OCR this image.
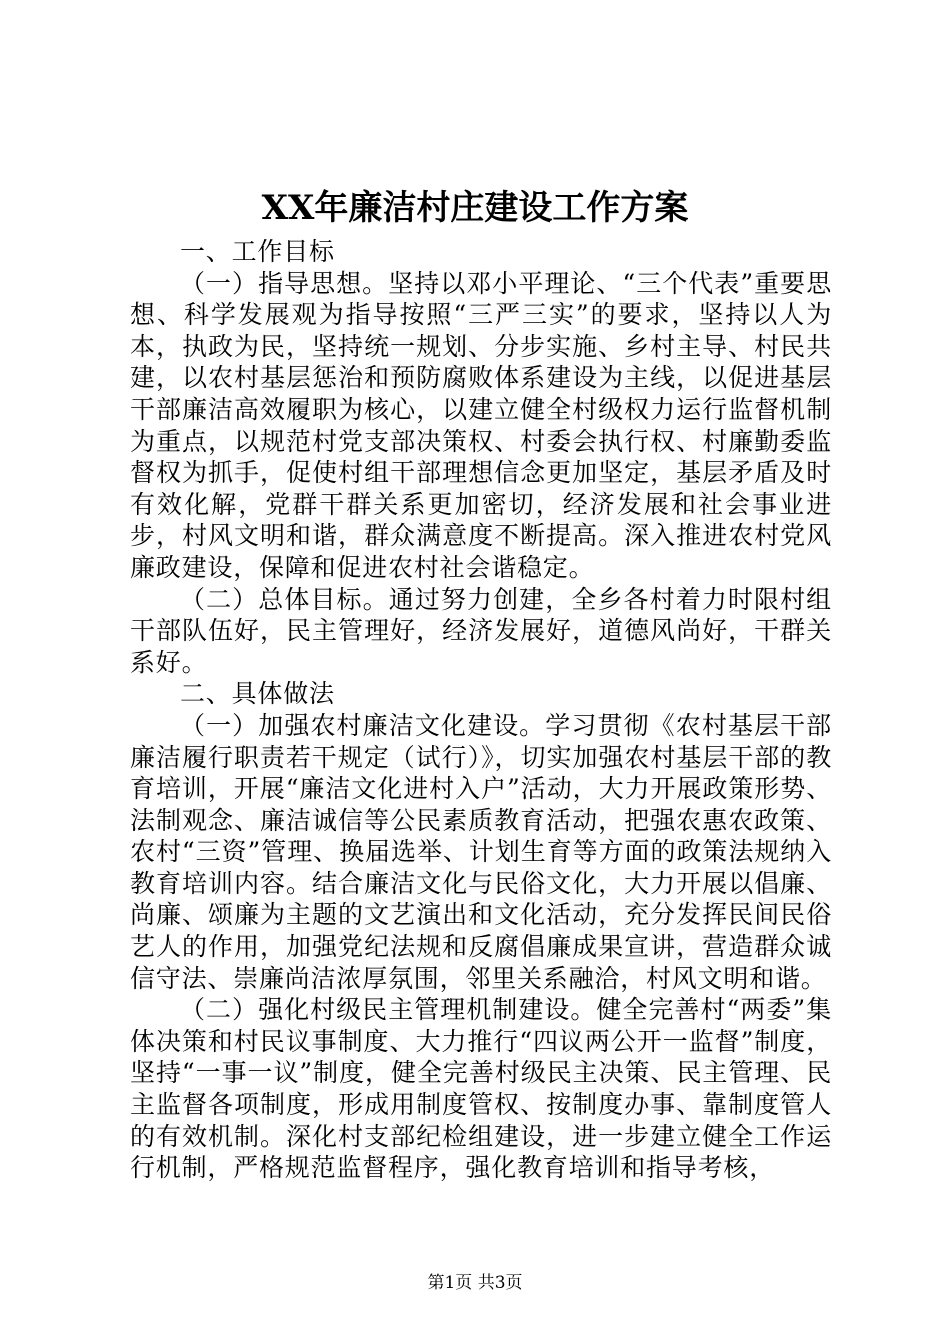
XX年廉洁村庄建设工作方案

一、工作目标

（一）指导思想。坚持以邓小平理论、“三个代表”重要思想、科学发展观为指导按照“三严三实”的要求，坚持以人为本，执政为民，坚持统一规划、分步实施、乡村主导、村民共建，以农村基层惩治和预防腐败体系建设为主线，以促进基层干部廉洁高效履职为核心，以建立健全村级权力运行监督机制为重点，以规范村党支部决策权、村委会执行权、村廉勤委监督权为抓手，促使村组干部理想信念更加坚定，基层矛盾及时有效化解，党群干群关系更加密切，经济发展和社会事业进步，村风文明和谐，群众满意度不断提高。深入推进农村党风廉政建设，保障和促进农村社会谐稳定。

（二）总体目标。通过努力创建，全乡各村着力时限村组干部队伍好，民主管理好，经济发展好，道德风尚好，干群关系好。

二、具体做法

（一）加强农村廉洁文化建设。学习贯彻《农村基层干部廉洁履行职责若干规定（试行）》，切实加强农村基层干部的教育培训，开展“廉洁文化进村入户”活动，大力开展政策形势、法制观念、廉洁诚信等公民素质教育活动，把强农惠农政策、农村“三资”管理、换届选举、计划生育等方面的政策法规纳入教育培训内容。结合廉洁文化与民俗文化，大力开展以倡廉、尚廉、颂廉为主题的文艺演出和文化活动，充分发挥民间民俗艺人的作用，加强党纪法规和反腐倡廉成果宣讲，营造群众诚信守法、崇廉尚洁浓厚氛围，邻里关系融洽，村风文明和谐。

（二）强化村级民主管理机制建设。健全完善村“两委”集体决策和村民议事制度、大力推行“四议两公开一监督”制度，坚持“一事一议”制度，健全完善村级民主决策、民主管理、民主监督各项制度，形成用制度管权、按制度办事、靠制度管人的有效机制。深化村支部纪检组建设，进一步建立健全工作运行机制，严格规范监督程序，强化教育培训和指导考核，

第1页 共3页
